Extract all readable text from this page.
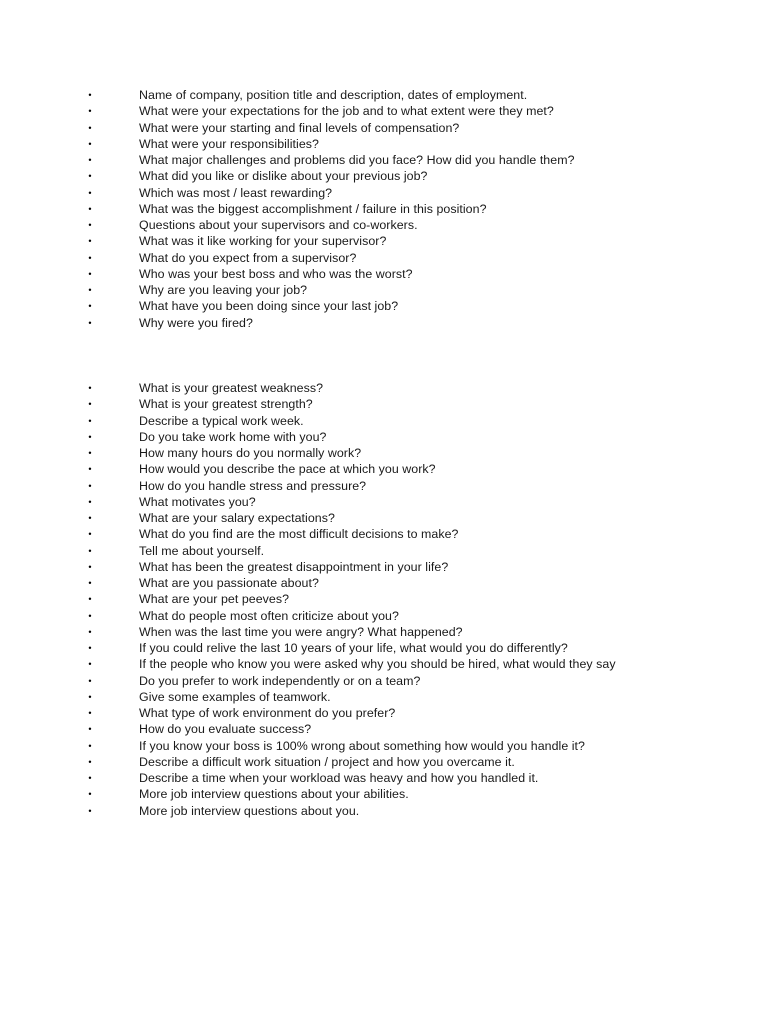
•	Name of company, position title and description, dates of employment.
•	What were your expectations for the job and to what extent were they met?
•	What were your starting and final levels of compensation?
•	What were your responsibilities?
•	What major challenges and problems did you face? How did you handle them?
•	What did you like or dislike about your previous job?
•	Which was most / least rewarding?
•	What was the biggest accomplishment / failure in this position?
•	Questions about your supervisors and co-workers.
•	What was it like working for your supervisor?
•	What do you expect from a supervisor?
•	Who was your best boss and who was the worst?
•	Why are you leaving your job?
•	What have you been doing since your last job?
•	Why were you fired?
•	What is your greatest weakness?
•	What is your greatest strength?
•	Describe a typical work week.
•	Do you take work home with you?
•	How many hours do you normally work?
•	How would you describe the pace at which you work?
•	How do you handle stress and pressure?
•	What motivates you?
•	What are your salary expectations?
•	What do you find are the most difficult decisions to make?
•	Tell me about yourself.
•	What has been the greatest disappointment in your life?
•	What are you passionate about?
•	What are your pet peeves?
•	What do people most often criticize about you?
•	When was the last time you were angry? What happened?
•	If you could relive the last 10 years of your life, what would you do differently?
•	If the people who know you were asked why you should be hired, what would they say
•	Do you prefer to work independently or on a team?
•	Give some examples of teamwork.
•	What type of work environment do you prefer?
•	How do you evaluate success?
•	If you know your boss is 100% wrong about something how would you handle it?
•	Describe a difficult work situation / project and how you overcame it.
•	Describe a time when your workload was heavy and how you handled it.
•	More job interview questions about your abilities.
•	More job interview questions about you.
